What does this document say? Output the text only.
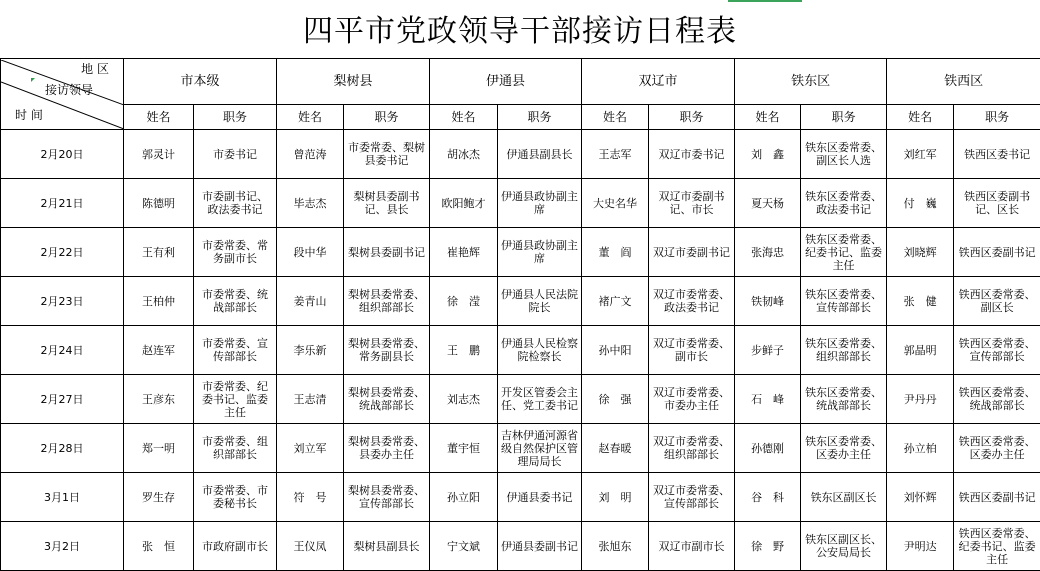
四平市党政领导干部接访日程表
地 区
接访领导
时 间	市本级		梨树县		伊通县		双辽市		铁东区		铁西区	
	姓名	职务	姓名	职务	姓名	职务	姓名	职务	姓名	职务	姓名	职务
2月20日	郭灵计	市委书记	曾范涛	市委常委、梨树县委书记	胡冰杰	伊通县副县长	王志军	双辽市委书记	刘　鑫	铁东区委常委、副区长人选	刘红军	铁西区委书记
2月21日	陈德明	市委副书记、政法委书记	毕志杰	梨树县委副书记、县长	欧阳鲍才	伊通县政协副主席	大史名华	双辽市委副书记、市长	夏天杨	铁东区委常委、政法委书记	付　巍	铁西区委副书记、区长
2月22日	王有利	市委常委、常务副市长	段中华	梨树县委副书记	崔艳辉	伊通县政协副主席	董　阎	双辽市委副书记	张海忠	铁东区委常委、纪委书记、监委主任	刘晓辉	铁西区委副书记
2月23日	王柏仲	市委常委、统战部部长	姜青山	梨树县委常委、组织部部长	徐　滢	伊通县人民法院院长	褚广文	双辽市委常委、政法委书记	铁韧峰	铁东区委常委、宣传部部长	张　健	铁西区委常委、副区长
2月24日	赵连军	市委常委、宣传部部长	李乐新	梨树县委常委、常务副县长	王　鹏	伊通县人民检察院检察长	孙中阳	双辽市委常委、副市长	步鲜子	铁东区委常委、组织部部长	郭晶明	铁西区委常委、宣传部部长
2月27日	王彦东	市委常委、纪委书记、监委主任	王志清	梨树县委常委、统战部部长	刘志杰	开发区管委会主任、党工委书记	徐　强	双辽市委常委、市委办主任	石　峰	铁东区委常委、统战部部长	尹丹丹	铁西区委常委、统战部部长
2月28日	郑一明	市委常委、组织部部长	刘立军	梨树县委常委、县委办主任	董宇恒	吉林伊通河源省级自然保护区管理局局长	赵春暖	双辽市委常委、组织部部长	孙德刚	铁东区委常委、区委办主任	孙立柏	铁西区委常委、区委办主任
3月1日	罗生存	市委常委、市委秘书长	符　号	梨树县委常委、宣传部部长	孙立阳	伊通县委书记	刘　明	双辽市委常委、宣传部部长	谷　科	铁东区副区长	刘怀辉	铁西区委副书记
3月2日	张　恒	市政府副市长	王仪凤	梨树县副县长	宁文斌	伊通县委副书记	张旭东	双辽市副市长	徐　野	铁东区副区长、公安局局长	尹明达	铁西区委常委、纪委书记、监委主任
